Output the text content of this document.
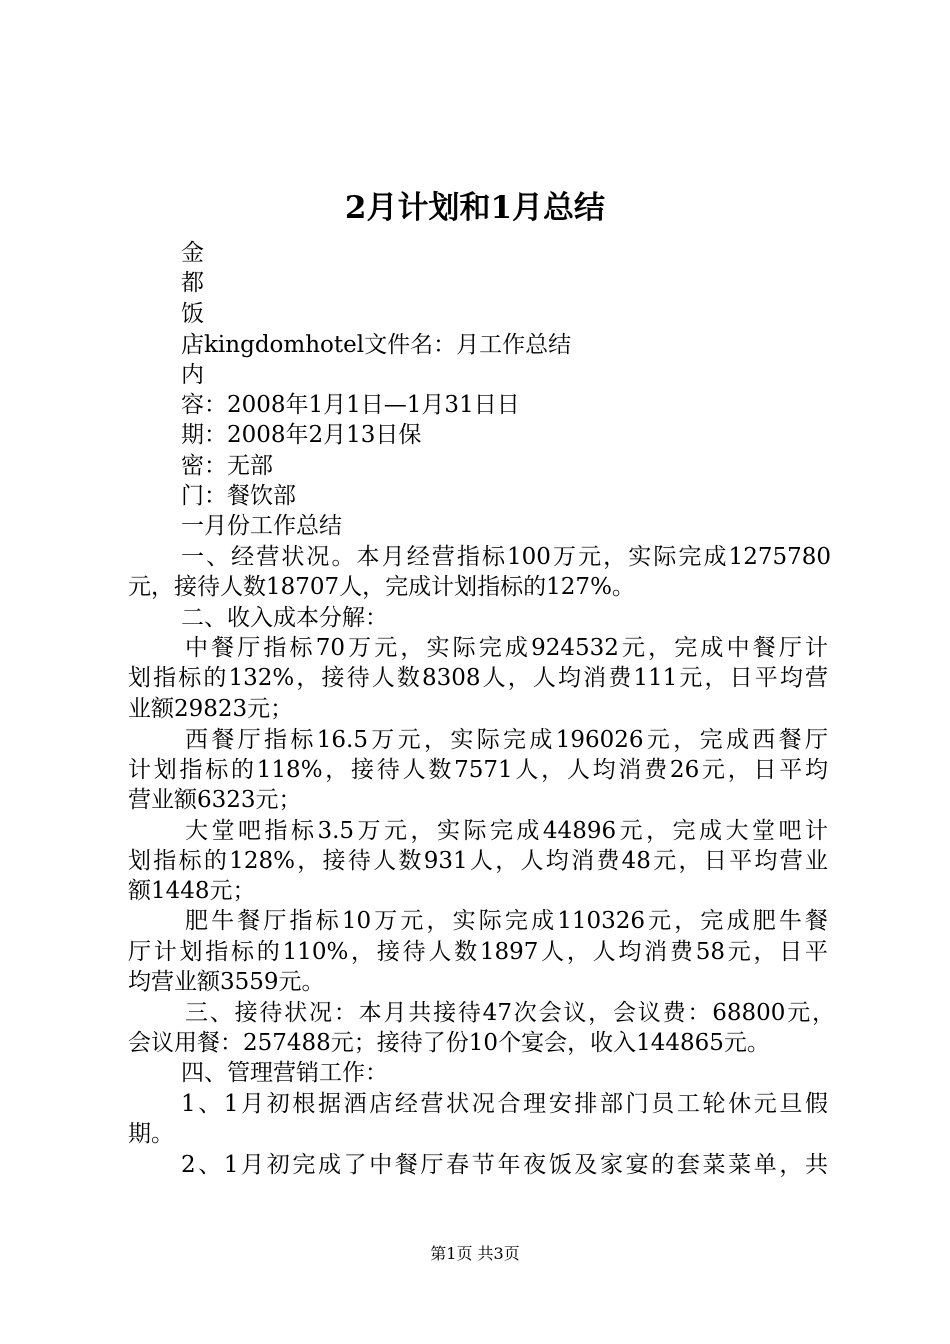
2月计划和1月总结
金
都
饭
店kingdomhotel文件名：月工作总结
内
容：2008年1月1日—1月31日日
期：2008年2月13日保
密：无部
门：餐饮部
一月份工作总结
一、经营状况。本月经营指标100万元，实际完成1275780
元，接待人数18707人，完成计划指标的127%。
二、收入成本分解：
中餐厅指标70万元，实际完成924532元，完成中餐厅计
划指标的132%，接待人数8308人，人均消费111元，日平均营
业额29823元；
西餐厅指标16.5万元，实际完成196026元，完成西餐厅
计划指标的118%，接待人数7571人，人均消费26元，日平均
营业额6323元；
大堂吧指标3.5万元，实际完成44896元，完成大堂吧计
划指标的128%，接待人数931人，人均消费48元，日平均营业
额1448元；
肥牛餐厅指标10万元，实际完成110326元，完成肥牛餐
厅计划指标的110%，接待人数1897人，人均消费58元，日平
均营业额3559元。
三、接待状况：本月共接待47次会议，会议费：68800元，
会议用餐：257488元；接待了份10个宴会，收入144865元。
四、管理营销工作：
1、1月初根据酒店经营状况合理安排部门员工轮休元旦假
期。
2、1月初完成了中餐厅春节年夜饭及家宴的套菜菜单，共
第1页 共3页
